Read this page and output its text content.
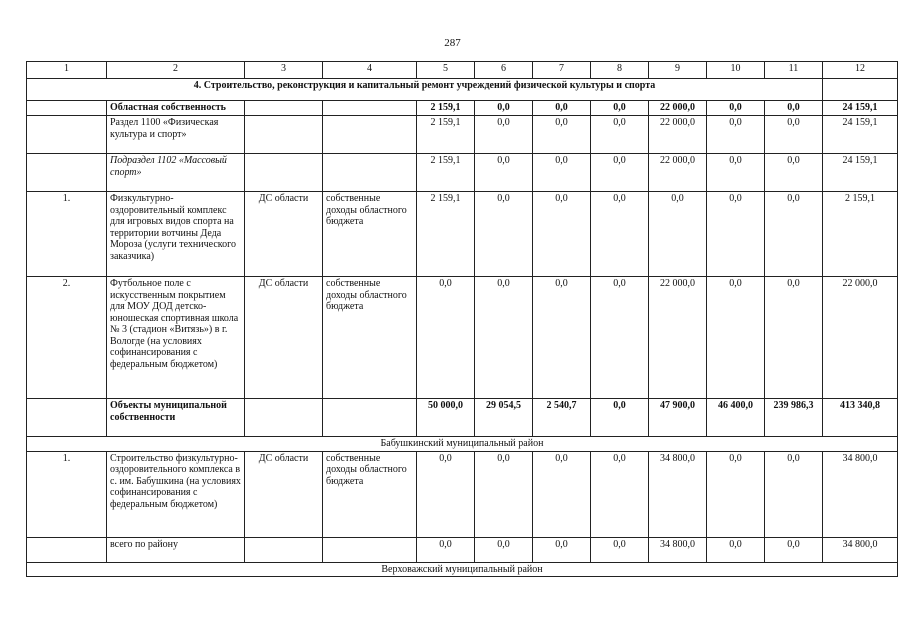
287
1	2	3	4	5	6	7	8	9	10	11	12
4. Строительство, реконструкция и капитальный ремонт учреждений физической культуры и спорта											
	Областная собственность			2 159,1	0,0	0,0	0,0	22 000,0	0,0	0,0	24 159,1
	Раздел 1100 «Физическая культура и спорт»			2 159,1	0,0	0,0	0,0	22 000,0	0,0	0,0	24 159,1
	Подраздел 1102 «Массовый спорт»			2 159,1	0,0	0,0	0,0	22 000,0	0,0	0,0	24 159,1
1.	Физкультурно-оздоровительный комплекс для игровых видов спорта на территории вотчины Деда Мороза (услуги технического заказчика)	ДС области	собственные доходы областного бюджета	2 159,1	0,0	0,0	0,0	0,0	0,0	0,0	2 159,1
2.	Футбольное поле с искусственным покрытием для МОУ ДОД детско-юношеская спортивная школа № 3 (стадион «Витязь») в г. Вологде (на условиях софинансирования с федеральным бюджетом)	ДС области	собственные доходы областного бюджета	0,0	0,0	0,0	0,0	22 000,0	0,0	0,0	22 000,0
	Объекты муниципальной собственности			50 000,0	29 054,5	2 540,7	0,0	47 900,0	46 400,0	239 986,3	413 340,8
Бабушкинский муниципальный район											
1.	Строительство физкультурно-оздоровительного комплекса в с. им. Бабушкина (на условиях софинансирования с федеральным бюджетом)	ДС области	собственные доходы областного бюджета	0,0	0,0	0,0	0,0	34 800,0	0,0	0,0	34 800,0
	всего по району			0,0	0,0	0,0	0,0	34 800,0	0,0	0,0	34 800,0
Верховажский муниципальный район											
